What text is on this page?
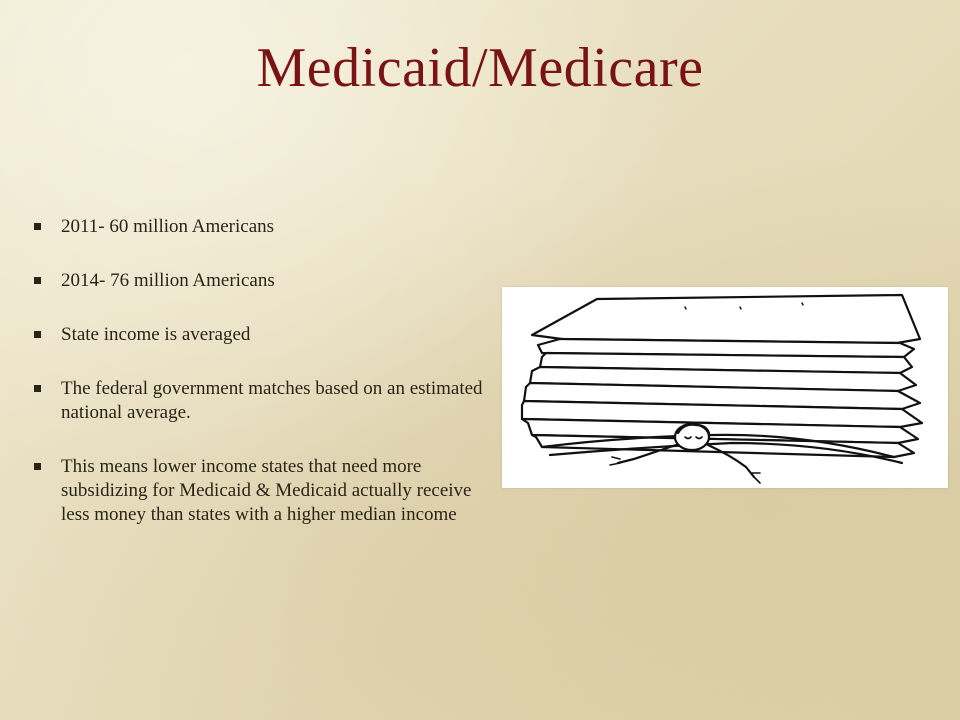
Medicaid/Medicare
2011- 60 million Americans
2014- 76 million Americans
State income is averaged
The federal government matches based on an estimated national average.
This means lower income states that need more subsidizing for Medicaid & Medicaid actually receive less money than states with a higher median income
